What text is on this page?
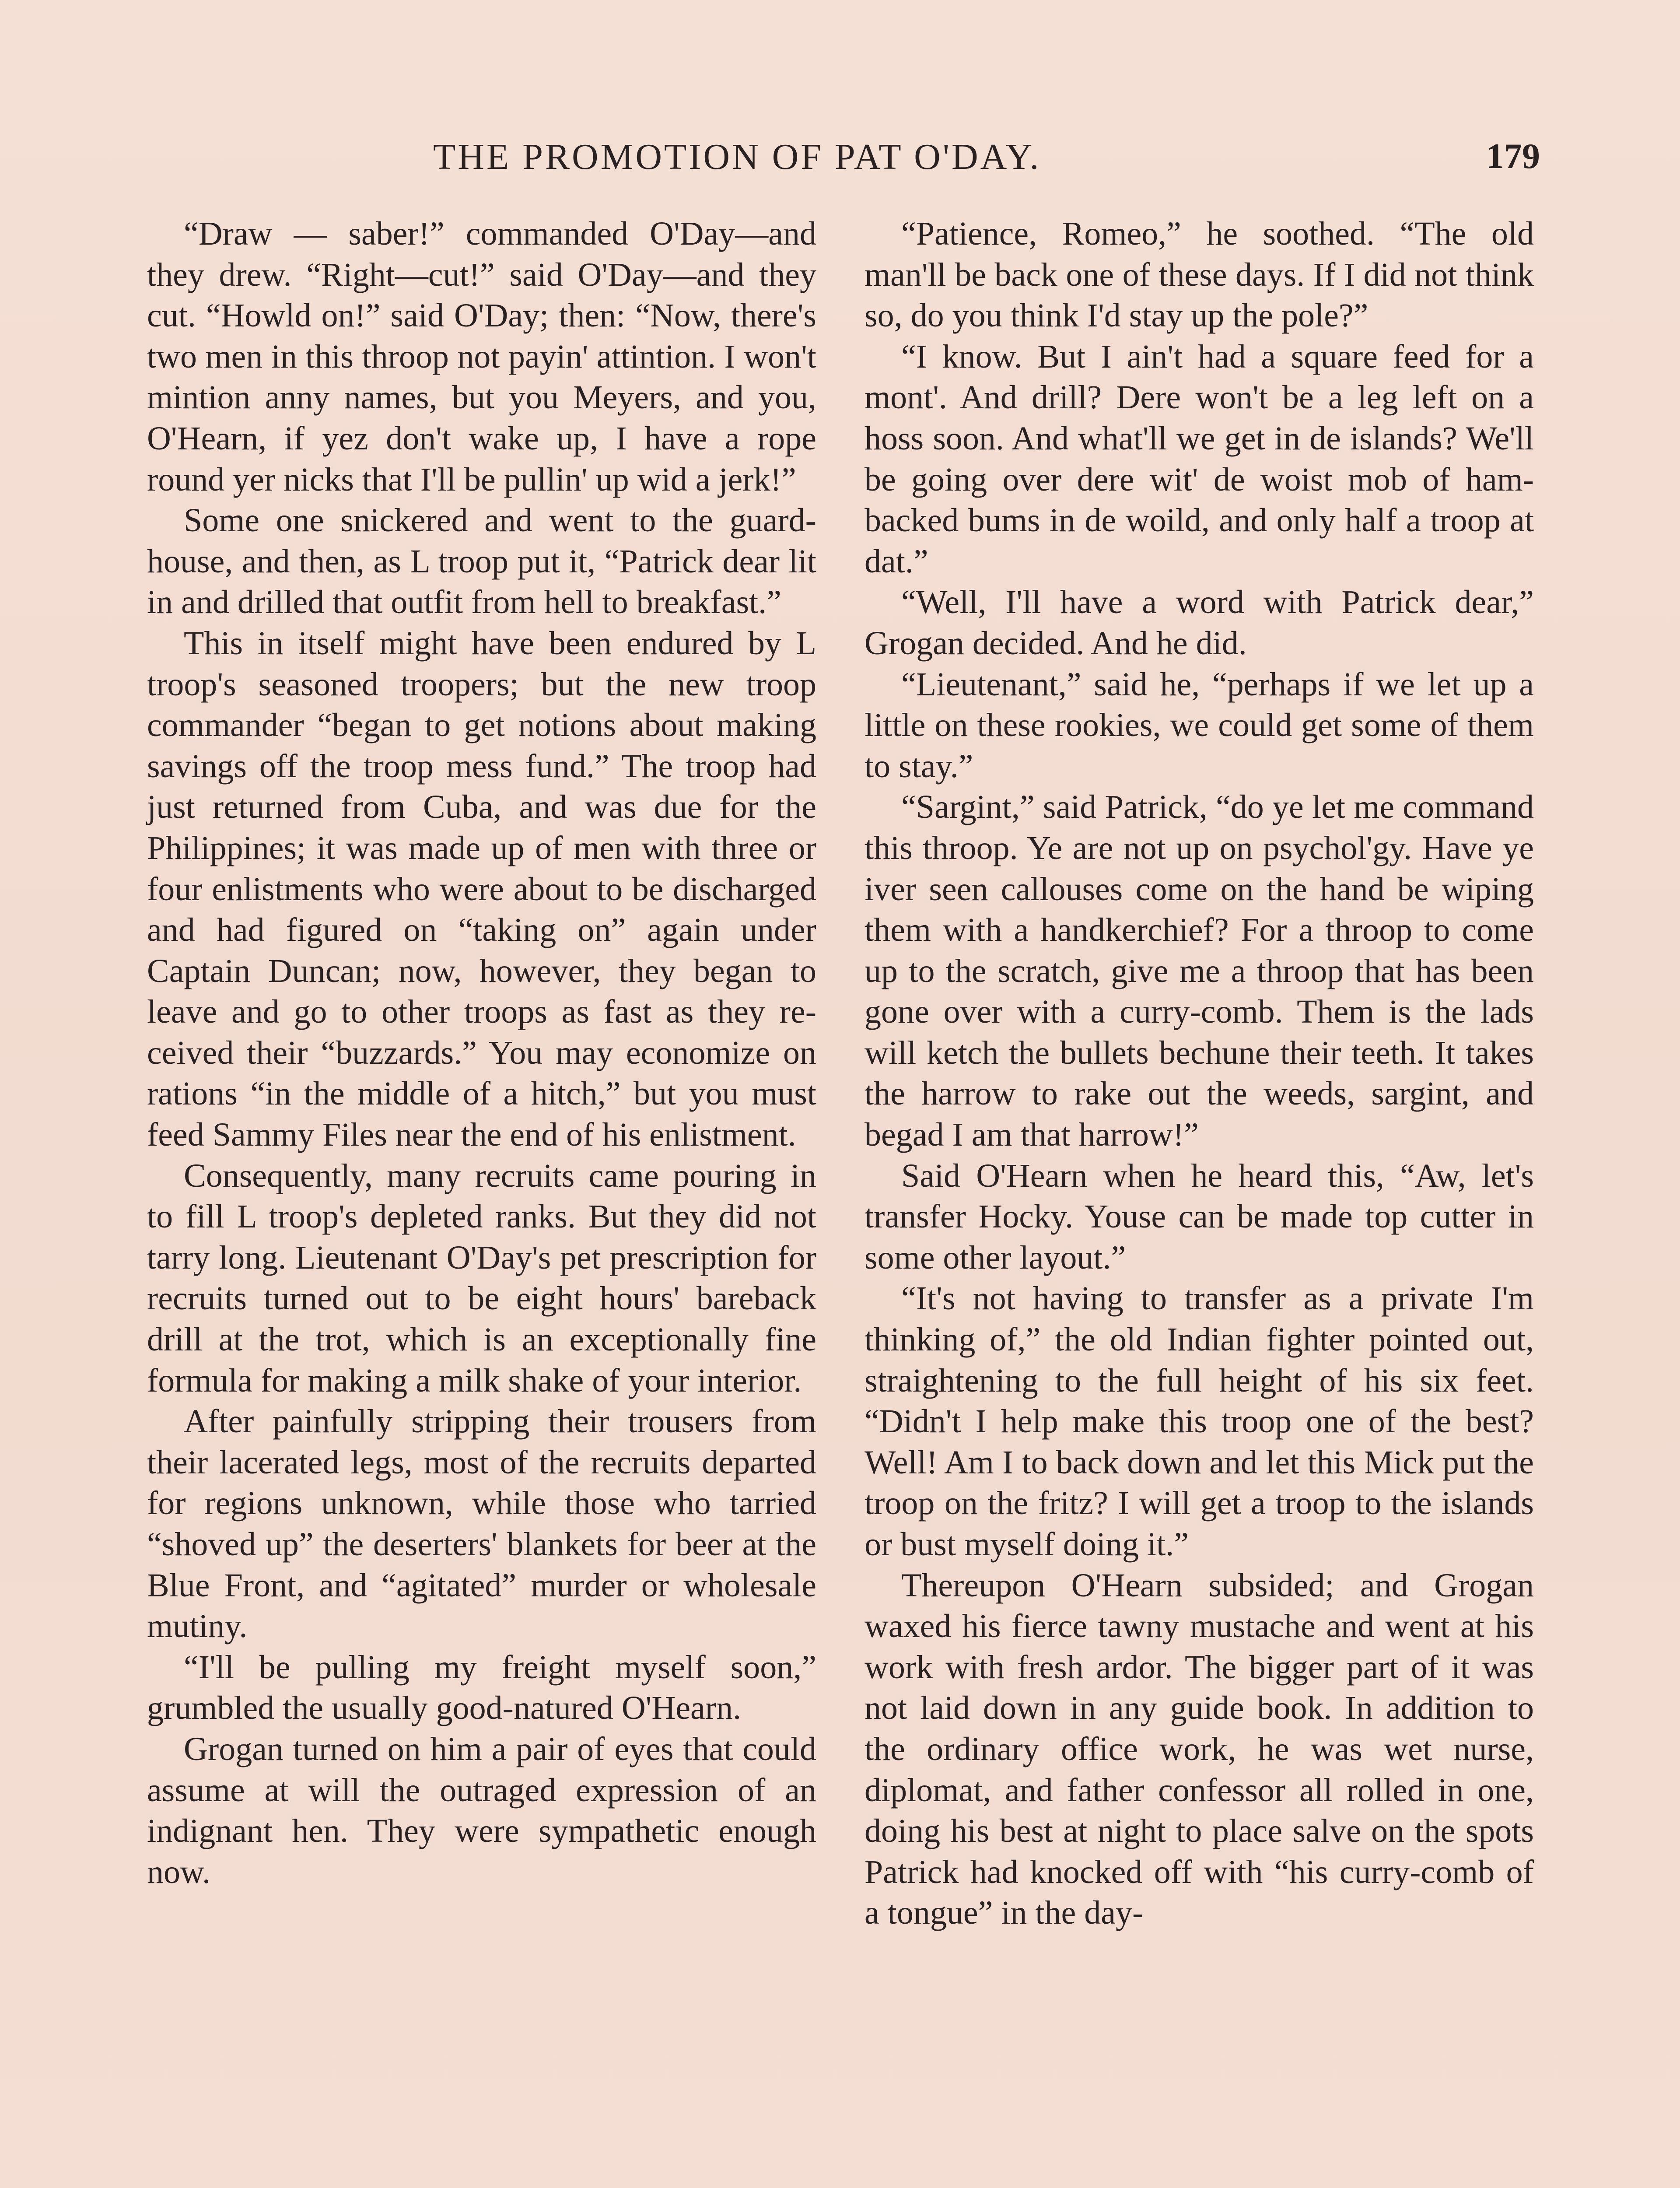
THE PROMOTION OF PAT O'DAY.	179

“Draw — saber!” commanded O'Day—and they drew. “Right—cut!” said O'Day—and they cut. “Howld on!” said O'Day; then: “Now, there's two men in this throop not payin' attintion. I won't mintion anny names, but you Meyers, and you, O'Hearn, if yez don't wake up, I have a rope round yer nicks that I'll be pullin' up wid a jerk!”

Some one snickered and went to the guard-house, and then, as L troop put it, “Patrick dear lit in and drilled that outfit from hell to breakfast.”

This in itself might have been endured by L troop's seasoned troopers; but the new troop commander “began to get notions about making savings off the troop mess fund.” The troop had just returned from Cuba, and was due for the Philippines; it was made up of men with three or four enlistments who were about to be discharged and had figured on “taking on” again under Captain Duncan; now, however, they began to leave and go to other troops as fast as they received their “buzzards.” You may economize on rations “in the middle of a hitch,” but you must feed Sammy Files near the end of his enlistment.

Consequently, many recruits came pouring in to fill L troop's depleted ranks. But they did not tarry long. Lieutenant O'Day's pet prescription for recruits turned out to be eight hours' bareback drill at the trot, which is an exceptionally fine formula for making a milk shake of your interior.

After painfully stripping their trousers from their lacerated legs, most of the recruits departed for regions unknown, while those who tarried “shoved up” the deserters' blankets for beer at the Blue Front, and “agitated” murder or wholesale mutiny.

“I'll be pulling my freight myself soon,” grumbled the usually good-natured O'Hearn.

Grogan turned on him a pair of eyes that could assume at will the outraged expression of an indignant hen. They were sympathetic enough now.

“Patience, Romeo,” he soothed. “The old man'll be back one of these days. If I did not think so, do you think I'd stay up the pole?”

“I know. But I ain't had a square feed for a mont'. And drill? Dere won't be a leg left on a hoss soon. And what'll we get in de islands? We'll be going over dere wit' de woist mob of ham-backed bums in de woild, and only half a troop at dat.”

“Well, I'll have a word with Patrick dear,” Grogan decided. And he did.

“Lieutenant,” said he, “perhaps if we let up a little on these rookies, we could get some of them to stay.”

“Sargint,” said Patrick, “do ye let me command this throop. Ye are not up on psychol'gy. Have ye iver seen callouses come on the hand be wiping them with a handkerchief? For a throop to come up to the scratch, give me a throop that has been gone over with a curry-comb. Them is the lads will ketch the bullets bechune their teeth. It takes the harrow to rake out the weeds, sargint, and begad I am that harrow!”

Said O'Hearn when he heard this, “Aw, let's transfer Hocky. Youse can be made top cutter in some other layout.”

“It's not having to transfer as a private I'm thinking of,” the old Indian fighter pointed out, straightening to the full height of his six feet. “Didn't I help make this troop one of the best? Well! Am I to back down and let this Mick put the troop on the fritz? I will get a troop to the islands or bust myself doing it.”

Thereupon O'Hearn subsided; and Grogan waxed his fierce tawny mustache and went at his work with fresh ardor. The bigger part of it was not laid down in any guide book. In addition to the ordinary office work, he was wet nurse, diplomat, and father confessor all rolled in one, doing his best at night to place salve on the spots Patrick had knocked off with “his curry-comb of a tongue” in the day-
